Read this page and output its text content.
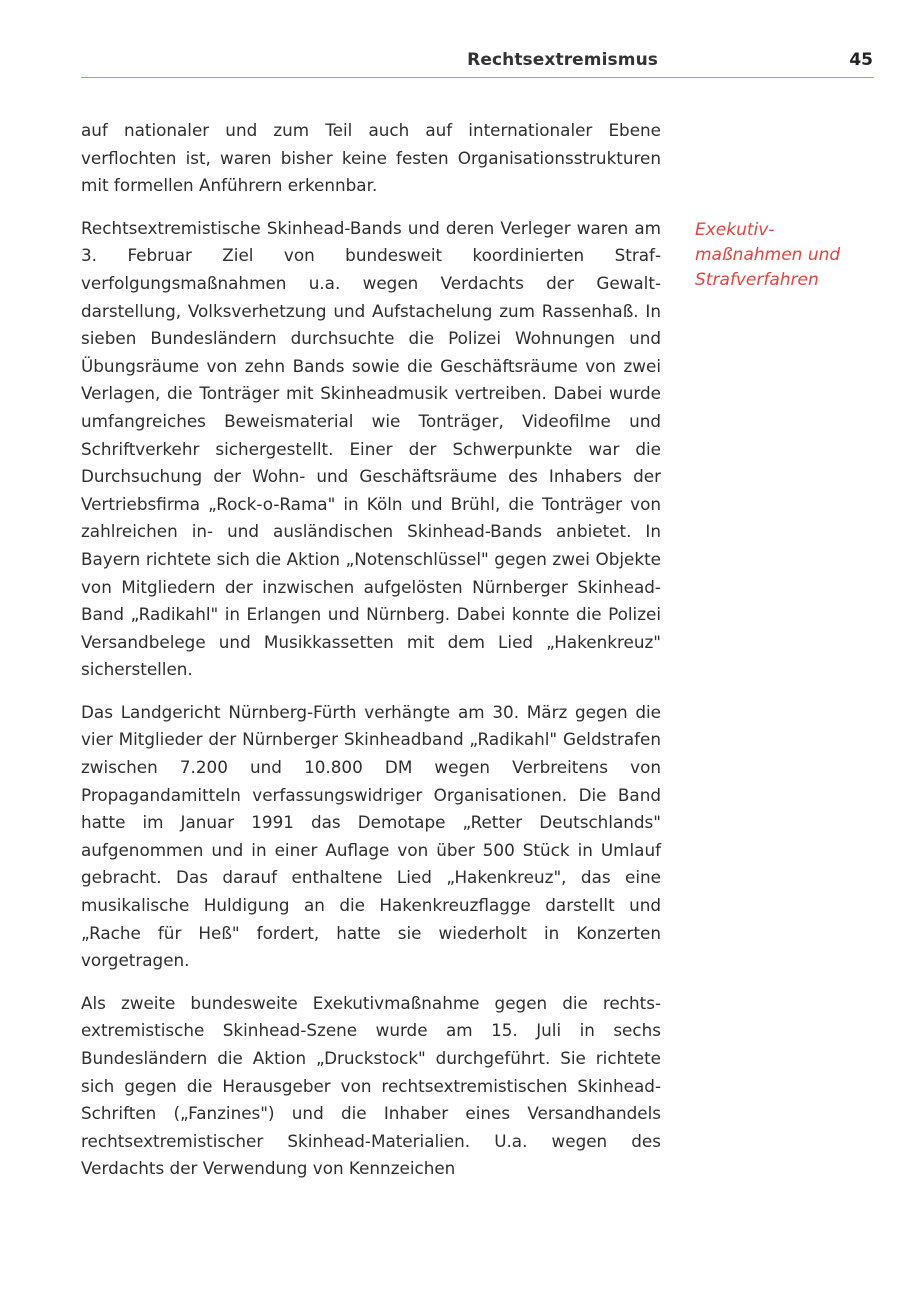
Rechtsextremismus	45

auf nationaler und zum Teil auch auf internationaler Ebene verflochten ist, waren bisher keine festen Organisationsstrukturen mit formellen Anführern erkennbar.

Rechtsextremistische Skinhead-Bands und deren Verleger waren am 3. Februar Ziel von bundesweit koordinierten Strafverfolgungsmaßnahmen u.a. wegen Verdachts der Gewaltdarstellung, Volksverhetzung und Aufstachelung zum Rassenhaß. In sieben Bundesländern durchsuchte die Polizei Wohnungen und Übungsräume von zehn Bands sowie die Geschäftsräume von zwei Verlagen, die Tonträger mit Skinheadmusik vertreiben. Dabei wurde umfangreiches Beweismaterial wie Tonträger, Videofilme und Schriftverkehr sichergestellt. Einer der Schwerpunkte war die Durchsuchung der Wohn- und Geschäftsräume des Inhabers der Vertriebsfirma „Rock-o-Rama" in Köln und Brühl, die Tonträger von zahlreichen in- und ausländischen Skinhead-Bands anbietet. In Bayern richtete sich die Aktion „Notenschlüssel" gegen zwei Objekte von Mitgliedern der inzwischen aufgelösten Nürnberger Skinhead-Band „Radikahl" in Erlangen und Nürnberg. Dabei konnte die Polizei Versandbelege und Musikkassetten mit dem Lied „Hakenkreuz" sicherstellen.

Das Landgericht Nürnberg-Fürth verhängte am 30. März gegen die vier Mitglieder der Nürnberger Skinheadband „Radikahl" Geldstrafen zwischen 7.200 und 10.800 DM wegen Verbreitens von Propagandamitteln verfassungswidriger Organisationen. Die Band hatte im Januar 1991 das Demotape „Retter Deutschlands" aufgenommen und in einer Auflage von über 500 Stück in Umlauf gebracht. Das darauf enthaltene Lied „Hakenkreuz", das eine musikalische Huldigung an die Hakenkreuzflagge darstellt und „Rache für Heß" fordert, hatte sie wiederholt in Konzerten vorgetragen.

Als zweite bundesweite Exekutivmaßnahme gegen die rechtsextremistische Skinhead-Szene wurde am 15. Juli in sechs Bundesländern die Aktion „Druckstock" durchgeführt. Sie richtete sich gegen die Herausgeber von rechtsextremistischen Skinhead-Schriften („Fanzines") und die Inhaber eines Versandhandels rechtsextremistischer Skinhead-Materialien. U.a. wegen des Verdachts der Verwendung von Kennzeichen

Exekutiv-
maßnahmen und
Strafverfahren
